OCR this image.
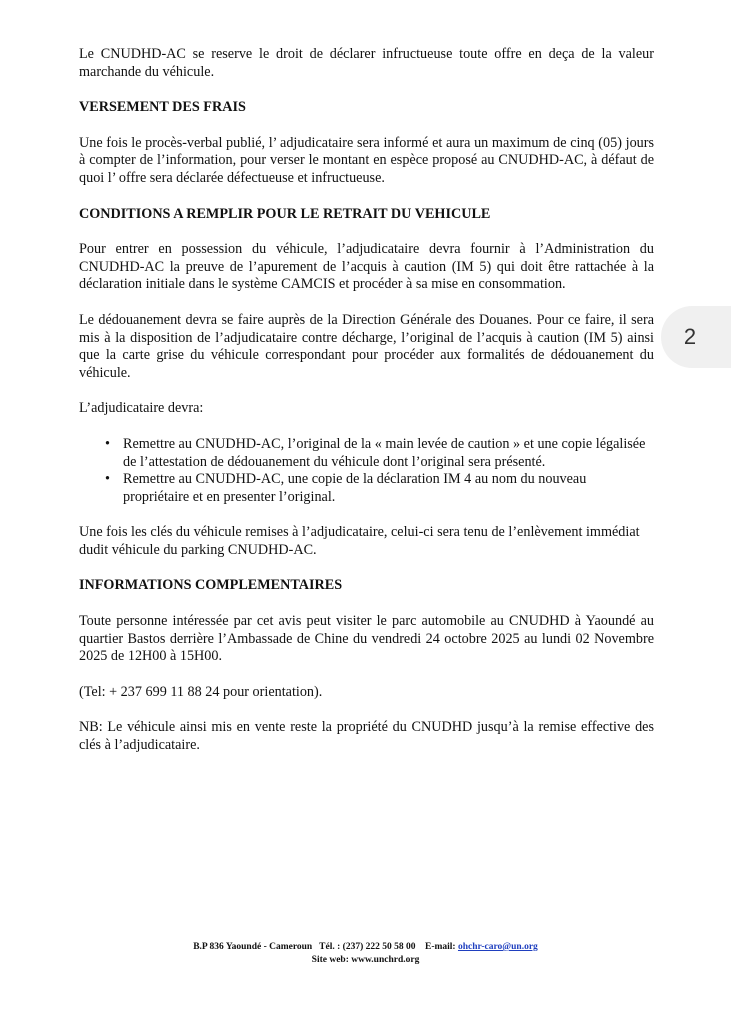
Le CNUDHD-AC se reserve le droit de déclarer infructueuse toute offre en deça de la valeur marchande du véhicule.

VERSEMENT DES FRAIS

Une fois le procès-verbal publié, l’ adjudicataire sera informé et aura un maximum de cinq (05) jours à compter de l’information, pour verser le montant en espèce proposé au CNUDHD-AC, à défaut de quoi l’ offre sera déclarée défectueuse et infructueuse.

CONDITIONS A REMPLIR POUR LE RETRAIT DU VEHICULE

Pour entrer en possession du véhicule, l’adjudicataire devra fournir à l’Administration du CNUDHD-AC la preuve de l’apurement de l’acquis à caution (IM 5) qui doit être rattachée à la déclaration initiale dans le système CAMCIS et procéder à sa mise en consommation.

Le dédouanement devra se faire auprès de la Direction Générale des Douanes. Pour ce faire, il sera mis à la disposition de l’adjudicataire contre décharge, l’original de l’acquis à caution (IM 5) ainsi que la carte grise du véhicule correspondant pour procéder aux formalités de dédouanement du véhicule.

L’adjudicataire devra:

• Remettre au CNUDHD-AC, l’original de la « main levée de caution » et une copie légalisée de l’attestation de dédouanement du véhicule dont l’original sera présenté.
• Remettre au CNUDHD-AC, une copie de la déclaration IM 4 au nom du nouveau propriétaire et en presenter l’original.

Une fois les clés du véhicule remises à l’adjudicataire, celui-ci sera tenu de l’enlèvement immédiat dudit véhicule du parking CNUDHD-AC.

INFORMATIONS COMPLEMENTAIRES

Toute personne intéressée par cet avis peut visiter le parc automobile au CNUDHD à Yaoundé au quartier Bastos derrière l’Ambassade de Chine du vendredi 24 octobre 2025 au lundi 02 Novembre 2025 de 12H00 à 15H00.

(Tel: + 237 699 11 88 24 pour orientation).

NB: Le véhicule ainsi mis en vente reste la propriété du CNUDHD jusqu’à la remise effective des clés à l’adjudicataire.

2
B.P 836 Yaoundé - Cameroun   Tél. : (237) 222 50 58 00    E-mail: ohchr-caro@un.org
Site web: www.unchrd.org
